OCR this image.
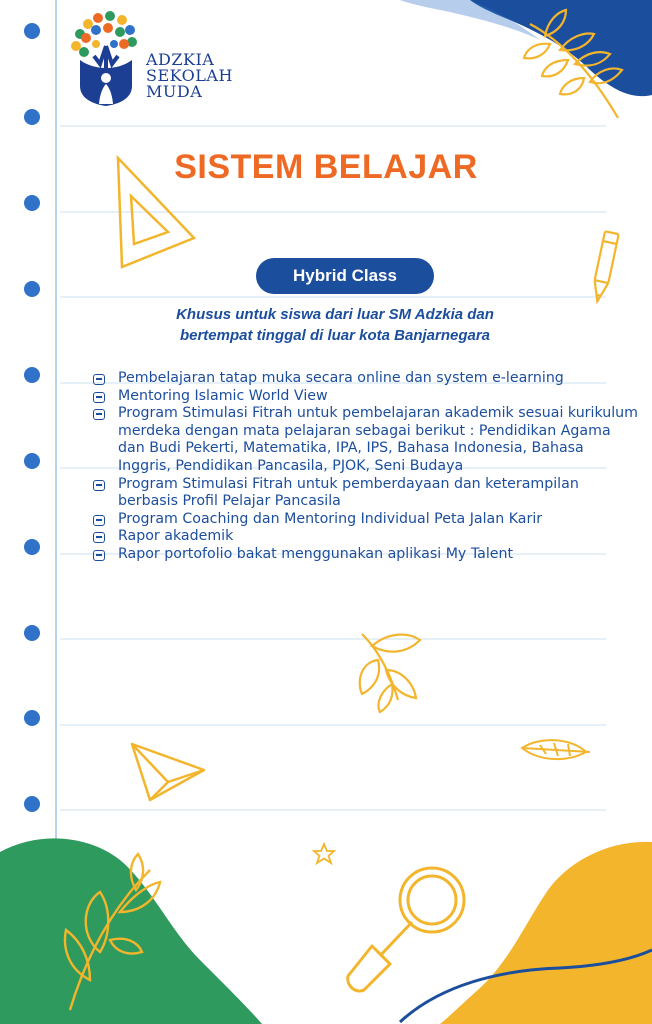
ADZKIA
SEKOLAH
MUDA
SISTEM BELAJAR
Hybrid Class
Khusus untuk siswa dari luar SM Adzkia dan
bertempat tinggal di luar kota Banjarnegara
Pembelajaran tatap muka secara online dan system e-learning
Mentoring Islamic World View
Program Stimulasi Fitrah untuk pembelajaran akademik sesuai kurikulum merdeka dengan mata pelajaran sebagai berikut : Pendidikan Agama dan Budi Pekerti, Matematika, IPA, IPS, Bahasa Indonesia, Bahasa Inggris, Pendidikan Pancasila, PJOK, Seni Budaya
Program Stimulasi Fitrah untuk pemberdayaan dan keterampilan berbasis Profil Pelajar Pancasila
Program Coaching dan Mentoring Individual Peta Jalan Karir
Rapor akademik
Rapor portofolio bakat menggunakan aplikasi My Talent
